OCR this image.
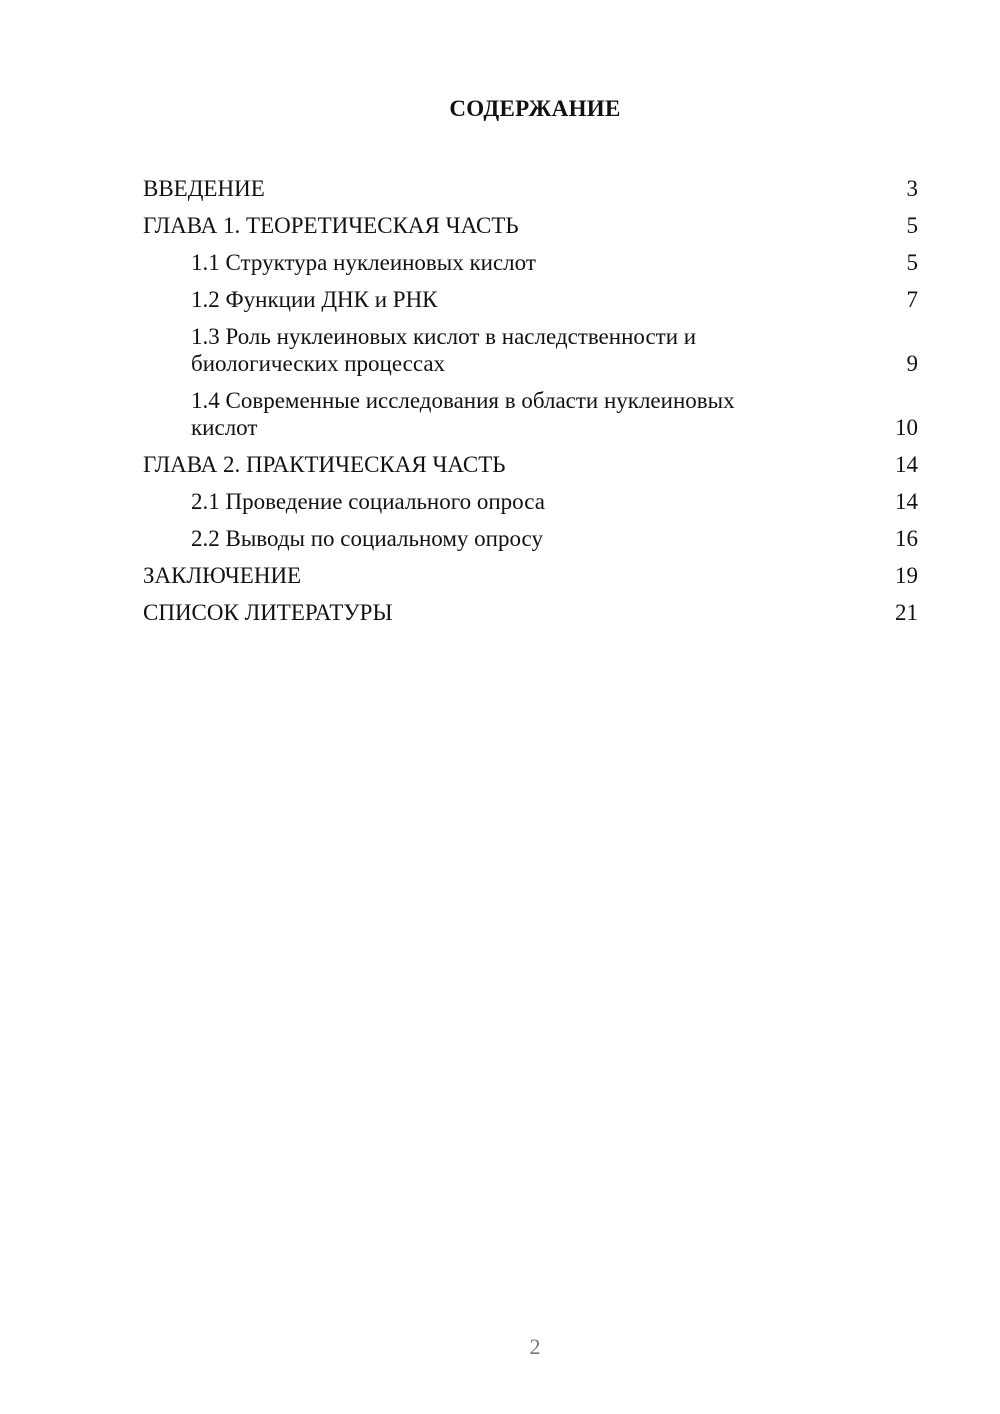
СОДЕРЖАНИЕ
ВВЕДЕНИЕ	3
ГЛАВА 1. ТЕОРЕТИЧЕСКАЯ ЧАСТЬ	5
1.1 Структура нуклеиновых кислот	5
1.2 Функции ДНК и РНК	7
1.3 Роль нуклеиновых кислот в наследственности и биологических процессах	9
1.4 Современные исследования в области нуклеиновых кислот	10
ГЛАВА 2. ПРАКТИЧЕСКАЯ ЧАСТЬ	14
2.1 Проведение социального опроса	14
2.2 Выводы по социальному опросу	16
ЗАКЛЮЧЕНИЕ	19
СПИСОК ЛИТЕРАТУРЫ	21
2
